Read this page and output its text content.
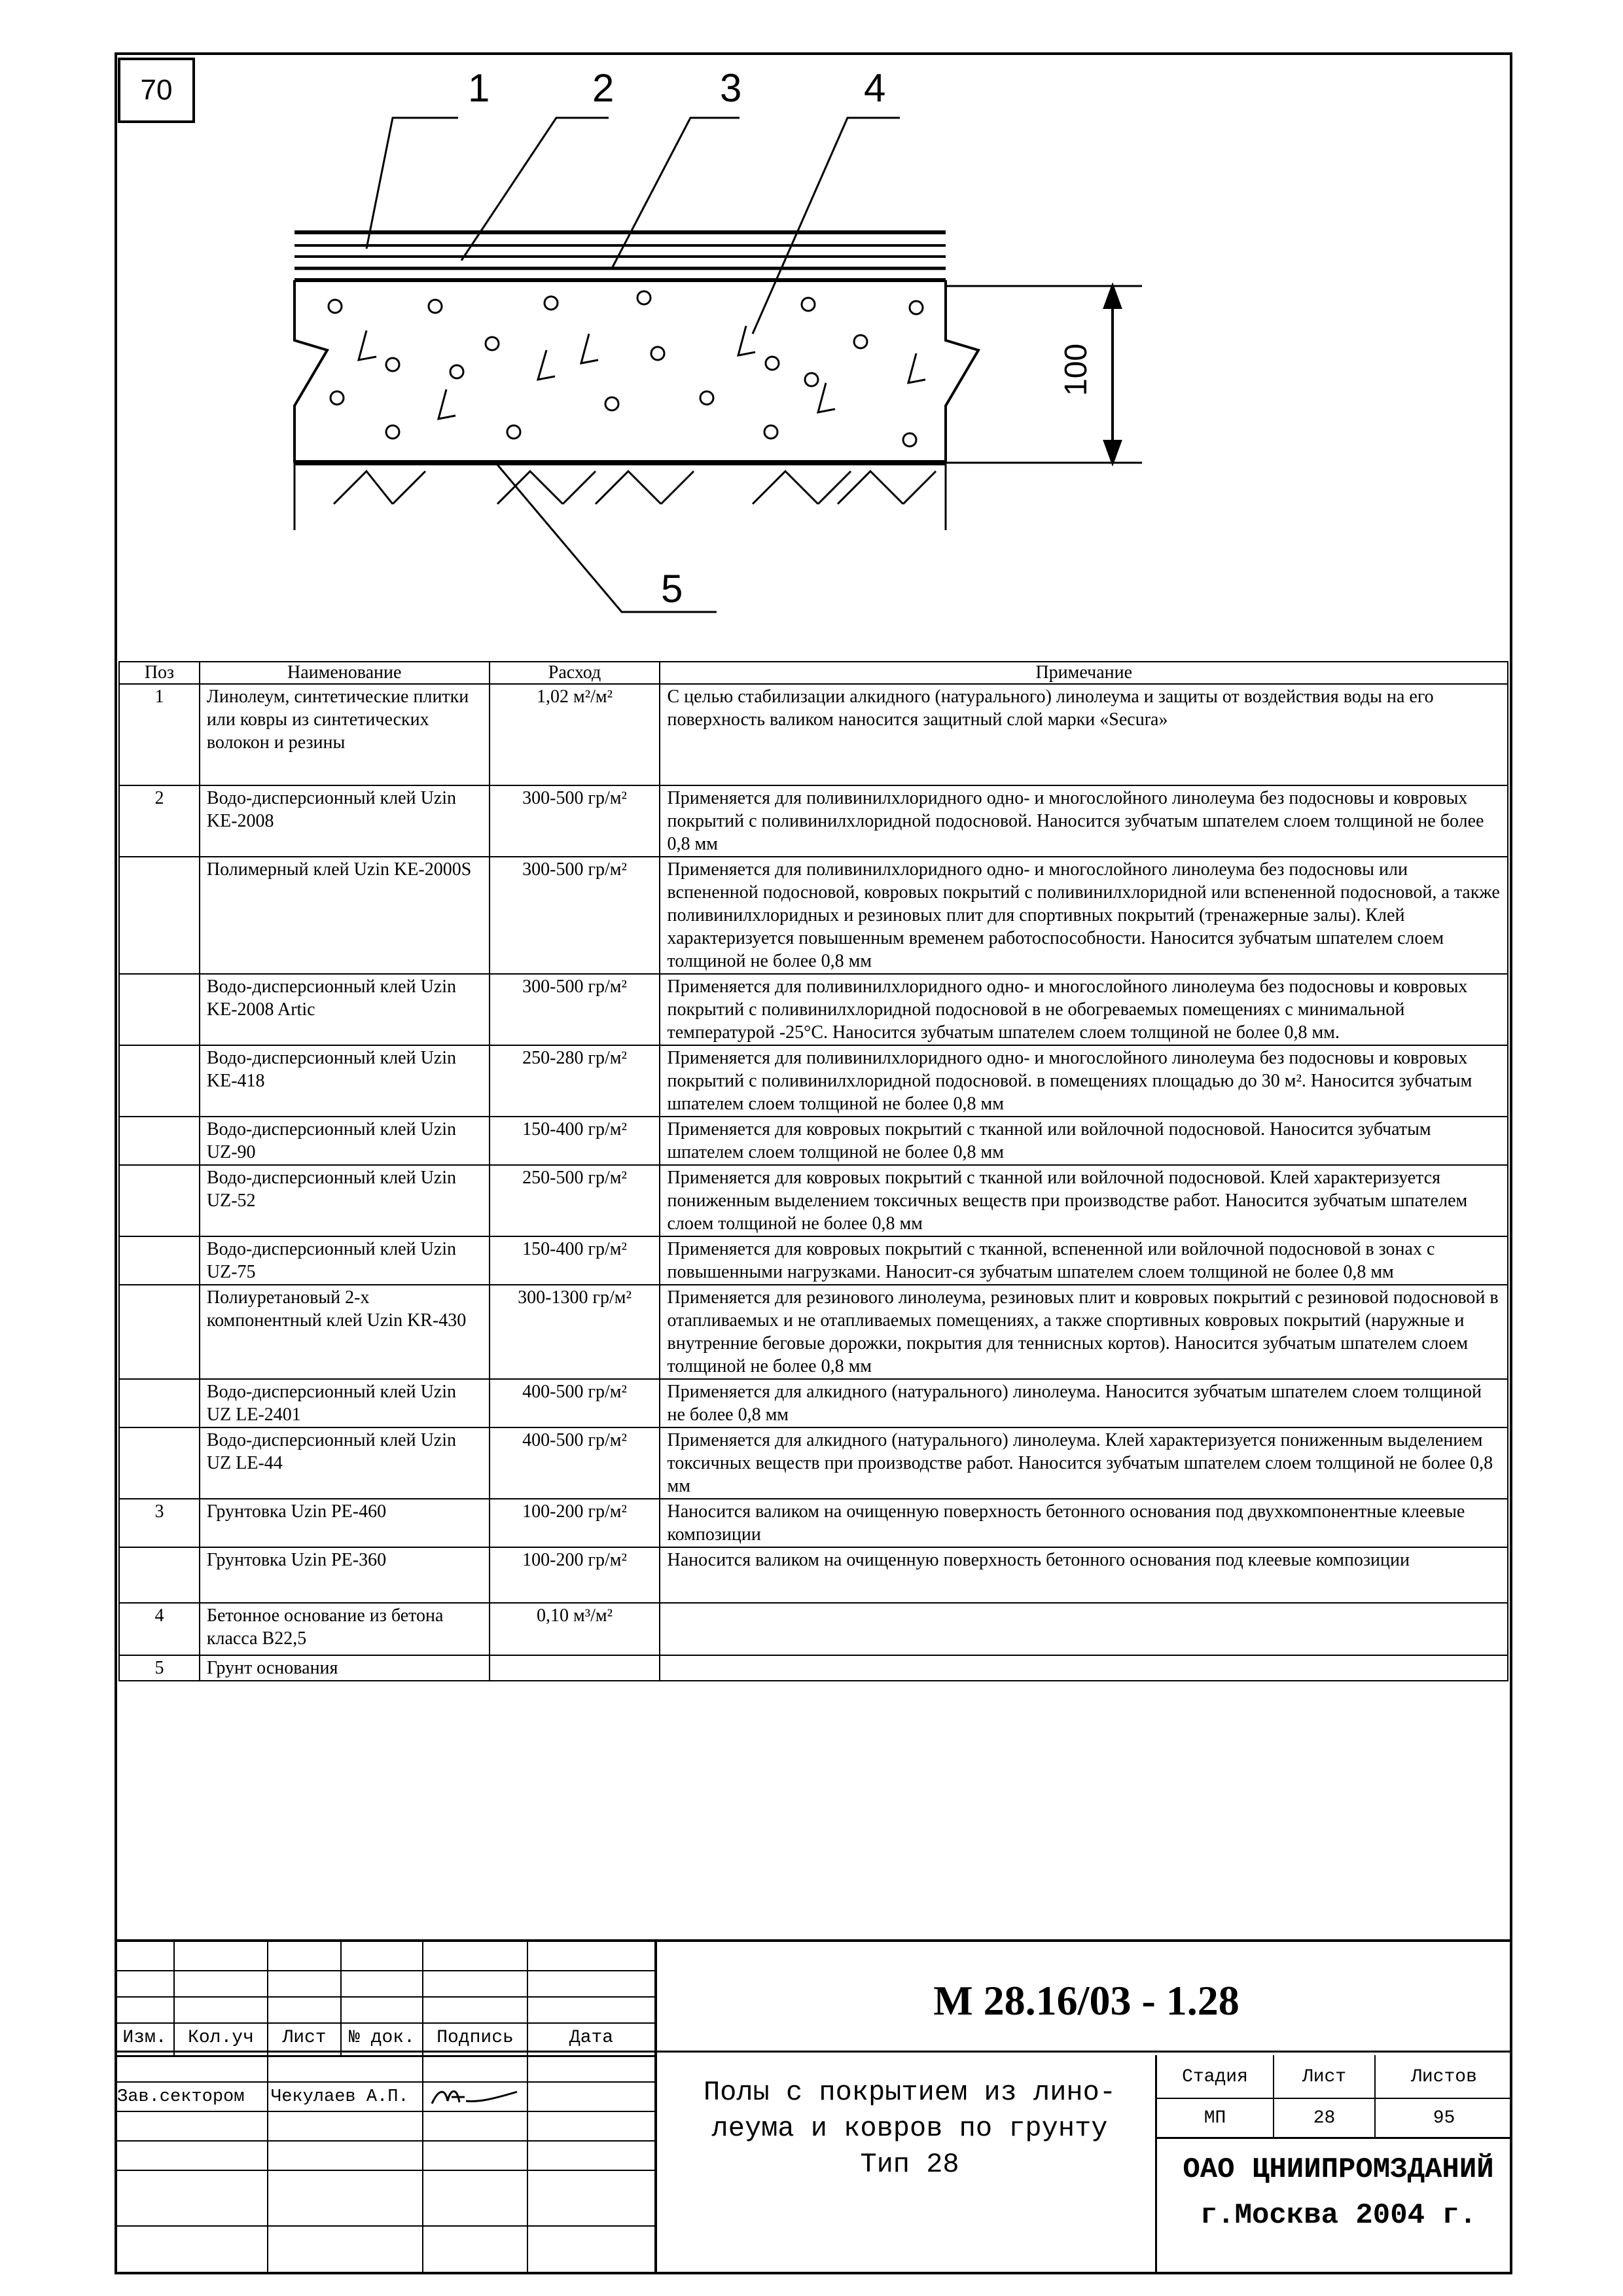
70	1	2	3	4
5
100
Поз	Наименование	Расход	Примечание
1	Линолеум, синтетические плитки или ковры из синтетических волокон и резины	1,02 м²/м²	С целью стабилизации алкидного (натурального) линолеума и защиты от воздействия воды на его поверхность валиком наносится защитный слой марки «Secura»
2	Водо-дисперсионный клей Uzin KE-2008	300-500 гр/м²	Применяется для поливинилхлоридного одно- и многослойного линолеума без подосновы и ковровых покрытий с поливинилхлоридной подосновой. Наносится зубчатым шпателем слоем толщиной не более 0,8 мм
	Полимерный клей Uzin KE-2000S	300-500 гр/м²	Применяется для поливинилхлоридного одно- и многослойного линолеума без подосновы или вспененной подосновой, ковровых покрытий с поливинилхлоридной или вспененной подосновой, а также поливинилхлоридных и резиновых плит для спортивных покрытий (тренажерные залы). Клей характеризуется повышенным временем работоспособности. Наносится зубчатым шпателем слоем толщиной не более 0,8 мм
	Водо-дисперсионный клей Uzin KE-2008 Artic	300-500 гр/м²	Применяется для поливинилхлоридного одно- и многослойного линолеума без подосновы и ковровых покрытий с поливинилхлоридной подосновой в не обогреваемых помещениях с минимальной температурой -25°С. Наносится зубчатым шпателем слоем толщиной не более 0,8 мм.
	Водо-дисперсионный клей Uzin KE-418	250-280 гр/м²	Применяется для поливинилхлоридного одно- и многослойного линолеума без подосновы и ковровых покрытий с поливинилхлоридной подосновой. в помещениях площадью до 30 м². Наносится зубчатым шпателем слоем толщиной не более 0,8 мм
	Водо-дисперсионный клей Uzin UZ-90	150-400 гр/м²	Применяется для ковровых покрытий с тканной или войлочной подосновой. Наносится зубчатым шпателем слоем толщиной не более 0,8 мм
	Водо-дисперсионный клей Uzin UZ-52	250-500 гр/м²	Применяется для ковровых покрытий с тканной или войлочной подосновой. Клей характеризуется пониженным выделением токсичных веществ при производстве работ. Наносится зубчатым шпателем слоем толщиной не более 0,8 мм
	Водо-дисперсионный клей Uzin UZ-75	150-400 гр/м²	Применяется для ковровых покрытий с тканной, вспененной или войлочной подосновой в зонах с повышенными нагрузками. Наносит-ся зубчатым шпателем слоем толщиной не более 0,8 мм
	Полиуретановый 2-х компонентный клей Uzin KR-430	300-1300 гр/м²	Применяется для резинового линолеума, резиновых плит и ковровых покрытий с резиновой подосновой в отапливаемых и не отапливаемых помещениях, а также спортивных ковровых покрытий (наружные и внутренние беговые дорожки, покрытия для теннисных кортов). Наносится зубчатым шпателем слоем толщиной не более 0,8 мм
	Водо-дисперсионный клей Uzin UZ LE-2401	400-500 гр/м²	Применяется для алкидного (натурального) линолеума. Наносится зубчатым шпателем слоем толщиной не более 0,8 мм
	Водо-дисперсионный клей Uzin UZ LE-44	400-500 гр/м²	Применяется для алкидного (натурального) линолеума. Клей характеризуется пониженным выделением токсичных веществ при производстве работ. Наносится зубчатым шпателем слоем толщиной не более 0,8 мм
3	Грунтовка Uzin PE-460	100-200 гр/м²	Наносится валиком на очищенную поверхность бетонного основания под двухкомпонентные клеевые композиции
	Грунтовка Uzin PE-360	100-200 гр/м²	Наносится валиком на очищенную поверхность бетонного основания под клеевые композиции
4	Бетонное основание из бетона класса B22,5	0,10 м³/м²	
5	Грунт основания		
Изм.	Кол.уч	Лист	№ док.	Подпись	Дата
Зав.сектором	Чекулаев А.П.
М 28.16/03 - 1.28
Полы с покрытием из лино-
леума и ковров по грунту
Тип 28
Стадия	Лист	Листов
МП	28	95
ОАО ЦНИИПРОМЗДАНИЙ
г.Москва 2004 г.
